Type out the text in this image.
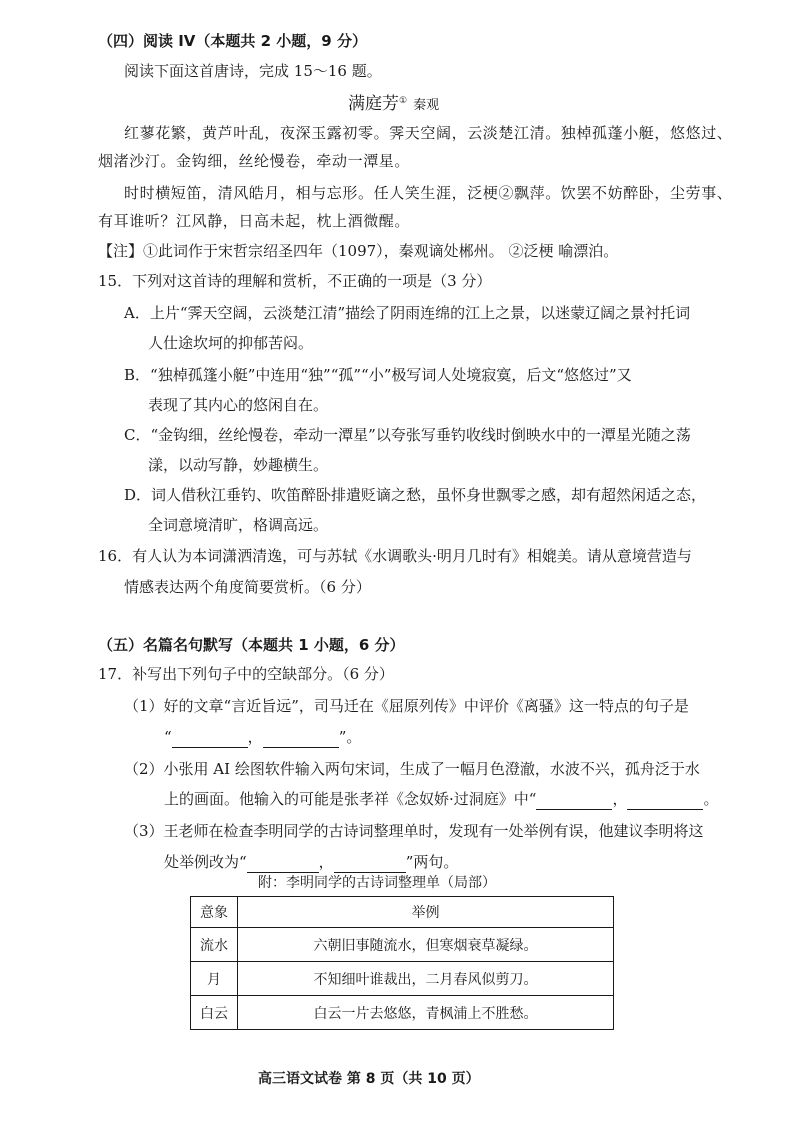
（四）阅读 IV（本题共 2 小题，9 分）
阅读下面这首唐诗，完成 15～16 题。
满庭芳① 秦观
红蓼花繁，黄芦叶乱，夜深玉露初零。霁天空阔，云淡楚江清。独棹孤蓬小艇，悠悠过、
烟渚沙汀。金钩细，丝纶慢卷，牵动一潭星。
时时横短笛，清风皓月，相与忘形。任人笑生涯，泛梗②飘萍。饮罢不妨醉卧，尘劳事、
有耳谁听？江风静，日高未起，枕上酒微醒。
【注】①此词作于宋哲宗绍圣四年（1097），秦观谪处郴州。 ②泛梗 喻漂泊。
15．下列对这首诗的理解和赏析，不正确的一项是（3 分）
A．上片“霁天空阔，云淡楚江清”描绘了阴雨连绵的江上之景，以迷蒙辽阔之景衬托词
人仕途坎坷的抑郁苦闷。
B．“独棹孤篷小艇”中连用“独”“孤”“小”极写词人处境寂寞，后文“悠悠过”又
表现了其内心的悠闲自在。
C．“金钩细，丝纶慢卷，牵动一潭星”以夸张写垂钓收线时倒映水中的一潭星光随之荡
漾，以动写静，妙趣横生。
D．词人借秋江垂钓、吹笛醉卧排遣贬谪之愁，虽怀身世飘零之感，却有超然闲适之态，
全词意境清旷，格调高远。
16．有人认为本词潇洒清逸，可与苏轼《水调歌头·明月几时有》相媲美。请从意境营造与
情感表达两个角度简要赏析。（6 分）
（五）名篇名句默写（本题共 1 小题，6 分）
17．补写出下列句子中的空缺部分。（6 分）
（1）好的文章“言近旨远”，司马迁在《屈原列传》中评价《离骚》这一特点的句子是
“	，	”。
（2）小张用 AI 绘图软件输入两句宋词，生成了一幅月色澄澈，水波不兴，孤舟泛于水
上的画面。他输入的可能是张孝祥《念奴娇·过洞庭》中“	，	。
（3）王老师在检查李明同学的古诗词整理单时，发现有一处举例有误，他建议李明将这
处举例改为“	，	”两句。
附：李明同学的古诗词整理单（局部）
意象	举例
流水	六朝旧事随流水，但寒烟衰草凝绿。
月	不知细叶谁裁出，二月春风似剪刀。
白云	白云一片去悠悠，青枫浦上不胜愁。
高三语文试卷 第 8 页（共 10 页）
